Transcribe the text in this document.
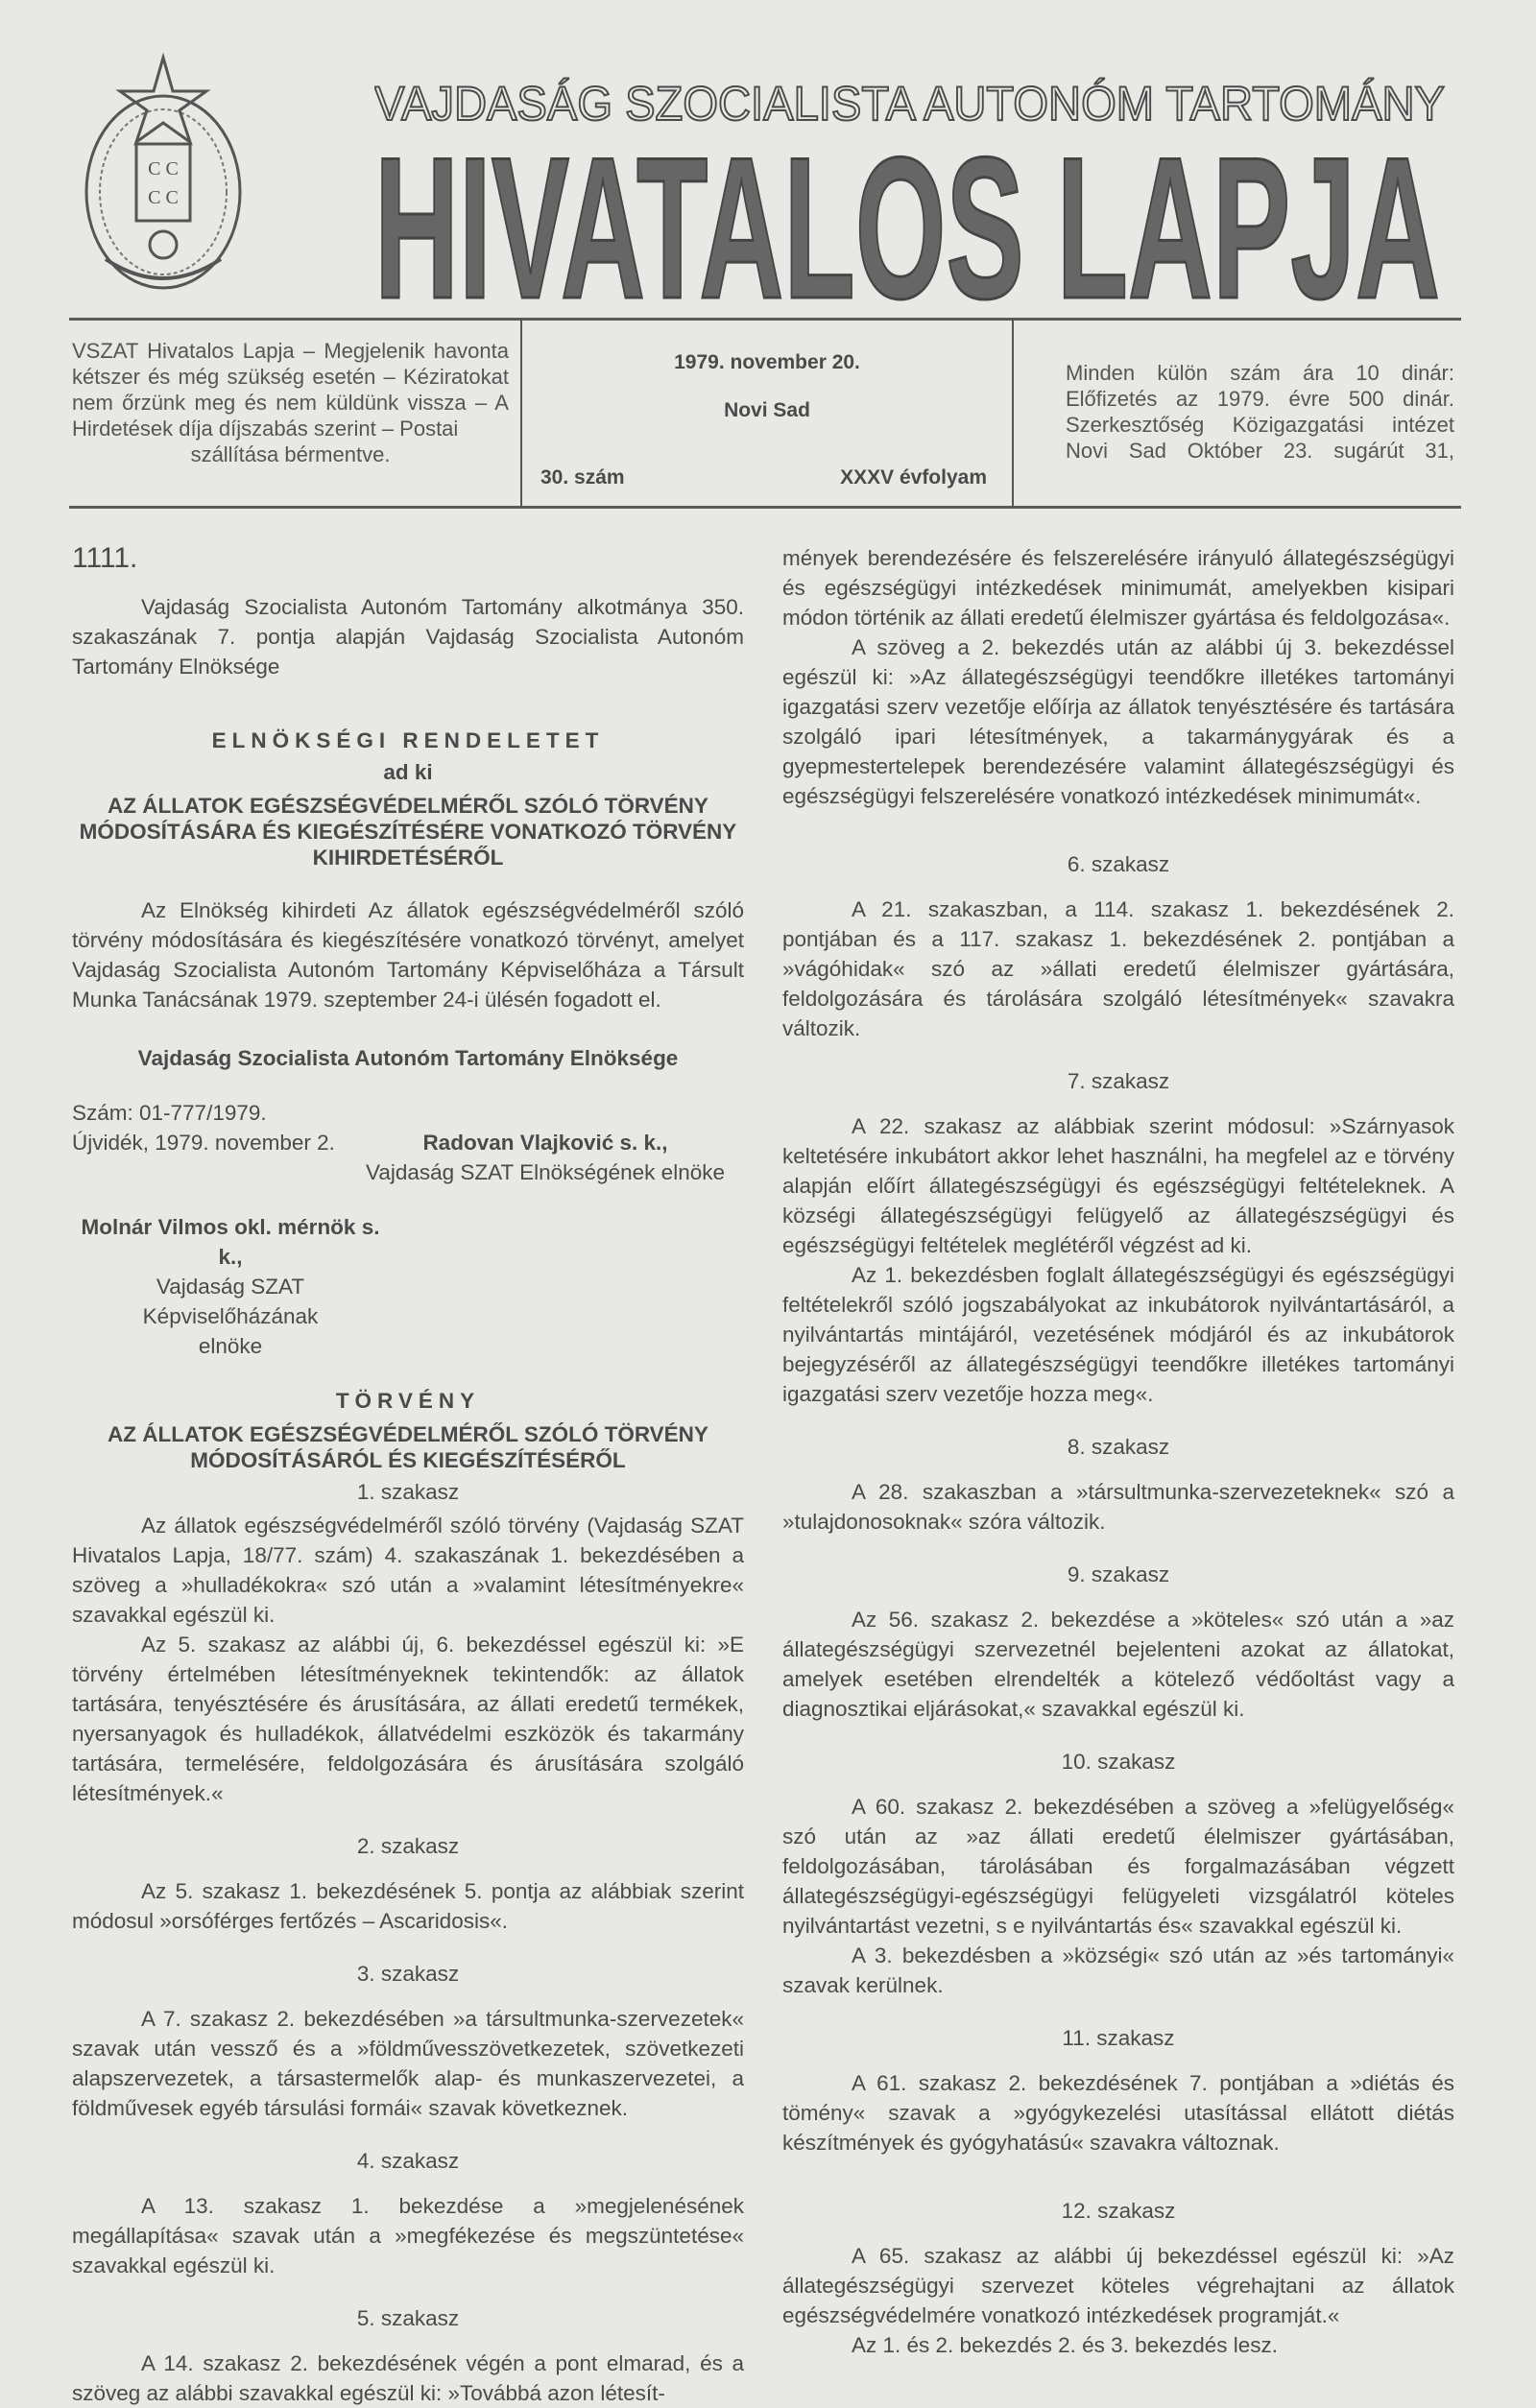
С С
С С
VAJDASÁG SZOCIALISTA AUTONÓM TARTOMÁNY
HIVATALOS LAPJA
VSZAT Hivatalos Lapja – Megjelenik havonta kétszer és még szükség esetén – Kéziratokat nem őrzünk meg és nem küldünk vissza – A Hirdetések díja díjszabás szerint – Postai
szállítása bérmentve.
1979. november 20.
Novi Sad
30. szám	XXXV évfolyam
Minden külön szám ára 10 dinár: Előfizetés az 1979. évre 500 dinár. Szerkesztőség Közigazgatási intézet Novi Sad Október 23. sugárút 31,
1111.

Vajdaság Szocialista Autonóm Tartomány alkotmánya 350. szakaszának 7. pontja alapján Vajdaság Szocialista Autonóm Tartomány Elnöksége

ELNÖKSÉGI RENDELETET
ad ki
AZ ÁLLATOK EGÉSZSÉGVÉDELMÉRŐL SZÓLÓ TÖRVÉNY MÓDOSÍTÁSÁRA ÉS KIEGÉSZÍTÉSÉRE VONATKOZÓ TÖRVÉNY KIHIRDETÉSÉRŐL

Az Elnökség kihirdeti Az állatok egészségvédelméről szóló törvény módosítására és kiegészítésére vonatkozó törvényt, amelyet Vajdaság Szocialista Autonóm Tartomány Képviselőháza a Társult Munka Tanácsának 1979. szeptember 24-i ülésén fogadott el.

Vajdaság Szocialista Autonóm Tartomány Elnöksége
Szám: 01-777/1979.
Újvidék, 1979. november 2.	Radovan Vlajković s. k.,
Vajdaság SZAT Elnökségének elnöke
Molnár Vilmos okl. mérnök s. k.,
Vajdaság SZAT Képviselőházának
elnöke
TÖRVÉNY
AZ ÁLLATOK EGÉSZSÉGVÉDELMÉRŐL SZÓLÓ TÖRVÉNY MÓDOSÍTÁSÁRÓL ÉS KIEGÉSZÍTÉSÉRŐL
1. szakasz

Az állatok egészségvédelméről szóló törvény (Vajdaság SZAT Hivatalos Lapja, 18/77. szám) 4. szakaszának 1. bekezdésében a szöveg a »hulladékokra« szó után a »valamint létesítményekre« szavakkal egészül ki.

Az 5. szakasz az alábbi új, 6. bekezdéssel egészül ki: »E törvény értelmében létesítményeknek tekintendők: az állatok tartására, tenyésztésére és árusítására, az állati eredetű termékek, nyersanyagok és hulladékok, állatvédelmi eszközök és takarmány tartására, termelésére, feldolgozására és árusítására szolgáló létesítmények.«

2. szakasz

Az 5. szakasz 1. bekezdésének 5. pontja az alábbiak szerint módosul »orsóférges fertőzés – Ascaridosis«.

3. szakasz

A 7. szakasz 2. bekezdésében »a társultmunka-szervezetek« szavak után vessző és a »földművesszövetkezetek, szövetkezeti alapszervezetek, a társastermelők alap- és munkaszervezetei, a földművesek egyéb társulási formái« szavak következnek.

4. szakasz

A 13. szakasz 1. bekezdése a »megjelenésének megállapítása« szavak után a »megfékezése és megszüntetése« szavakkal egészül ki.

5. szakasz

A 14. szakasz 2. bekezdésének végén a pont elmarad, és a szöveg az alábbi szavakkal egészül ki: »Továbbá azon létesít-

mények berendezésére és felszerelésére irányuló állategészségügyi és egészségügyi intézkedések minimumát, amelyekben kisipari módon történik az állati eredetű élelmiszer gyártása és feldolgozása«.

A szöveg a 2. bekezdés után az alábbi új 3. bekezdéssel egészül ki: »Az állategészségügyi teendőkre illetékes tartományi igazgatási szerv vezetője előírja az állatok tenyésztésére és tartására szolgáló ipari létesítmények, a takarmánygyárak és a gyepmestertelepek berendezésére valamint állategészségügyi és egészségügyi felszerelésére vonatkozó intézkedések minimumát«.

6. szakasz

A 21. szakaszban, a 114. szakasz 1. bekezdésének 2. pontjában és a 117. szakasz 1. bekezdésének 2. pontjában a »vágóhidak« szó az »állati eredetű élelmiszer gyártására, feldolgozására és tárolására szolgáló létesítmények« szavakra változik.

7. szakasz

A 22. szakasz az alábbiak szerint módosul: »Szárnyasok keltetésére inkubátort akkor lehet használni, ha megfelel az e törvény alapján előírt állategészségügyi és egészségügyi feltételeknek. A községi állategészségügyi felügyelő az állategészségügyi és egészségügyi feltételek meglétéről végzést ad ki.

Az 1. bekezdésben foglalt állategészségügyi és egészségügyi feltételekről szóló jogszabályokat az inkubátorok nyilvántartásáról, a nyilvántartás mintájáról, vezetésének módjáról és az inkubátorok bejegyzéséről az állategészségügyi teendőkre illetékes tartományi igazgatási szerv vezetője hozza meg«.

8. szakasz

A 28. szakaszban a »társultmunka-szervezeteknek« szó a »tulajdonosoknak« szóra változik.

9. szakasz

Az 56. szakasz 2. bekezdése a »köteles« szó után a »az állategészségügyi szervezetnél bejelenteni azokat az állatokat, amelyek esetében elrendelték a kötelező védőoltást vagy a diagnosztikai eljárásokat,« szavakkal egészül ki.

10. szakasz

A 60. szakasz 2. bekezdésében a szöveg a »felügyelőség« szó után az »az állati eredetű élelmiszer gyártásában, feldolgozásában, tárolásában és forgalmazásában végzett állategészségügyi-egészségügyi felügyeleti vizsgálatról köteles nyilvántartást vezetni, s e nyilvántartás és« szavakkal egészül ki.

A 3. bekezdésben a »községi« szó után az »és tartományi« szavak kerülnek.

11. szakasz

A 61. szakasz 2. bekezdésének 7. pontjában a »diétás és tömény« szavak a »gyógykezelési utasítással ellátott diétás készítmények és gyógyhatású« szavakra változnak.

12. szakasz

A 65. szakasz az alábbi új bekezdéssel egészül ki: »Az állategészségügyi szervezet köteles végrehajtani az állatok egészségvédelmére vonatkozó intézkedések programját.«

Az 1. és 2. bekezdés 2. és 3. bekezdés lesz.
